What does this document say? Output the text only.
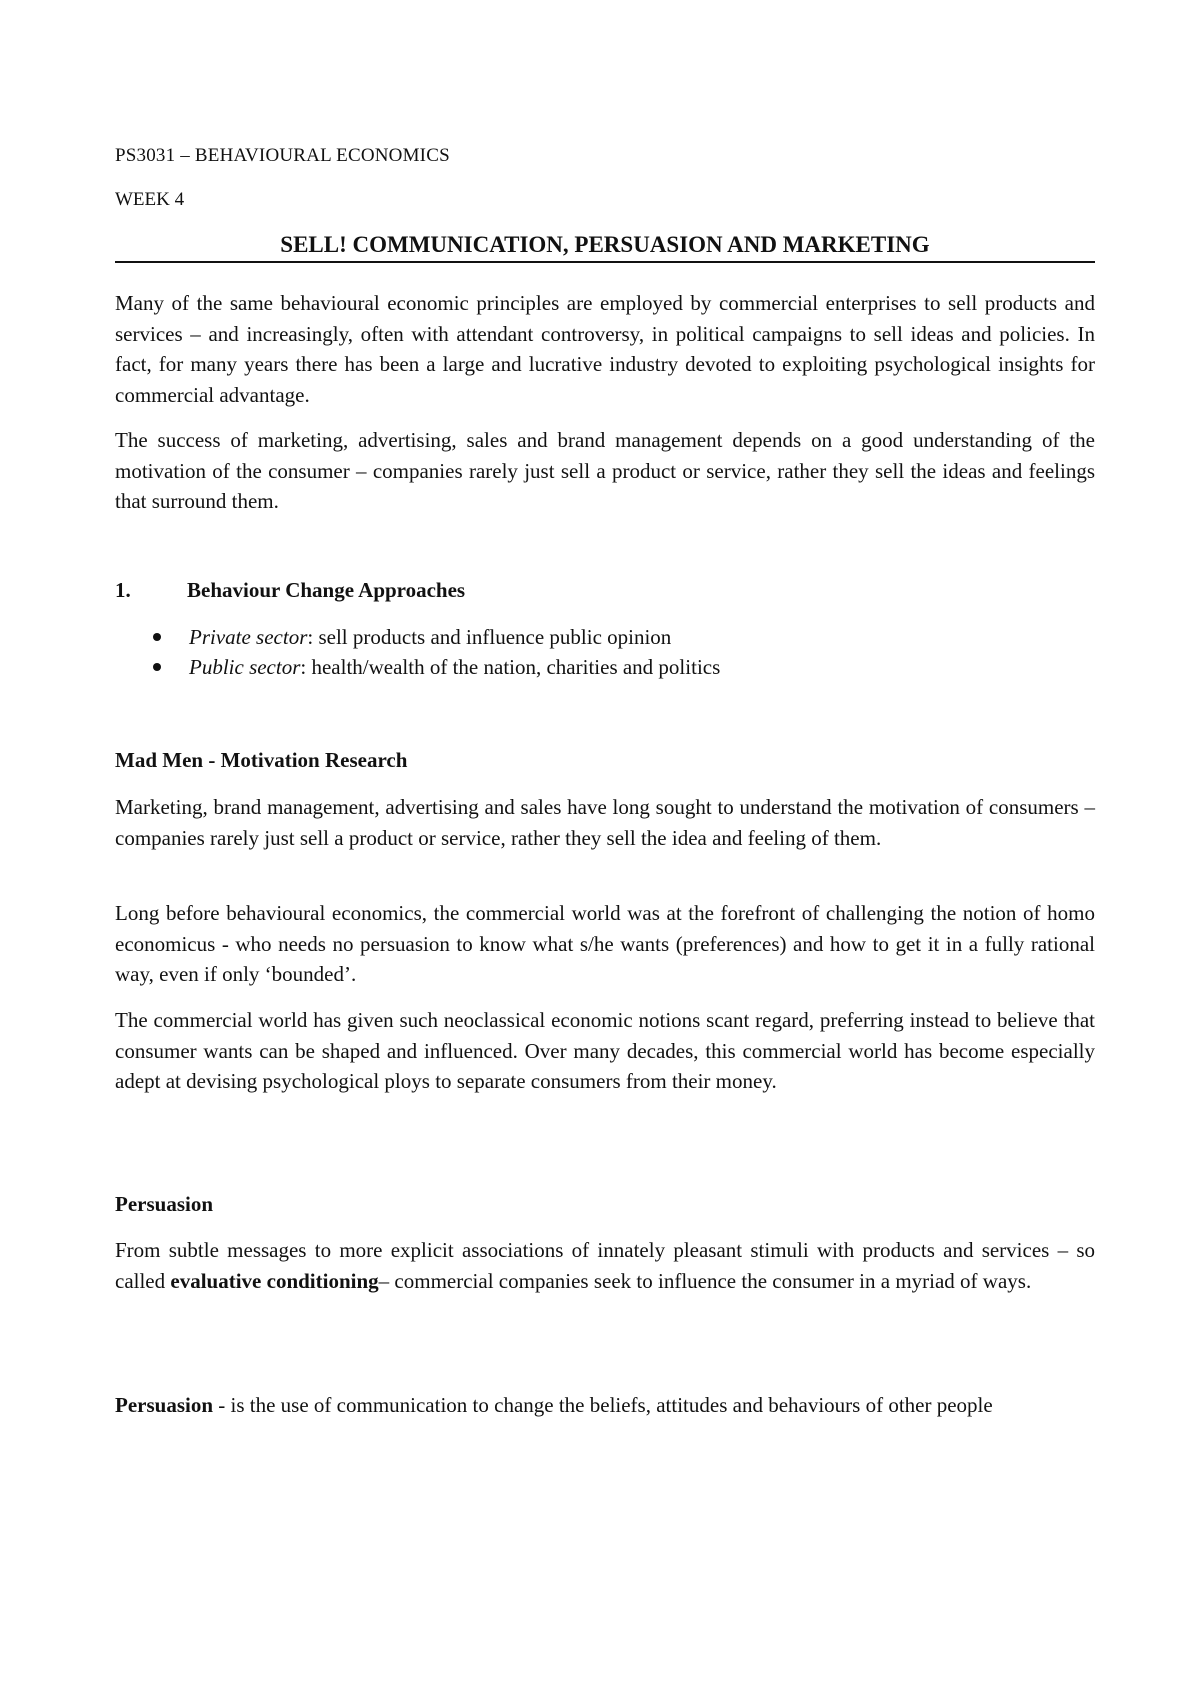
PS3031 – BEHAVIOURAL ECONOMICS
WEEK 4
SELL! COMMUNICATION, PERSUASION AND MARKETING

Many of the same behavioural economic principles are employed by commercial enterprises to sell products and services – and increasingly, often with attendant controversy, in political campaigns to sell ideas and policies. In fact, for many years there has been a large and lucrative industry devoted to exploiting psychological insights for commercial advantage.

The success of marketing, advertising, sales and brand management depends on a good understanding of the motivation of the consumer – companies rarely just sell a product or service, rather they sell the ideas and feelings that surround them.

1.	Behaviour Change Approaches
Private sector: sell products and influence public opinion
Public sector: health/wealth of the nation, charities and politics
Mad Men - Motivation Research

Marketing, brand management, advertising and sales have long sought to understand the motivation of consumers – companies rarely just sell a product or service, rather they sell the idea and feeling of them.

Long before behavioural economics, the commercial world was at the forefront of challenging the notion of homo economicus - who needs no persuasion to know what s/he wants (preferences) and how to get it in a fully rational way, even if only ‘bounded’.

The commercial world has given such neoclassical economic notions scant regard, preferring instead to believe that consumer wants can be shaped and influenced. Over many decades, this commercial world has become especially adept at devising psychological ploys to separate consumers from their money.

Persuasion

From subtle messages to more explicit associations of innately pleasant stimuli with products and services – so called evaluative conditioning– commercial companies seek to influence the consumer in a myriad of ways.

Persuasion - is the use of communication to change the beliefs, attitudes and behaviours of other people
